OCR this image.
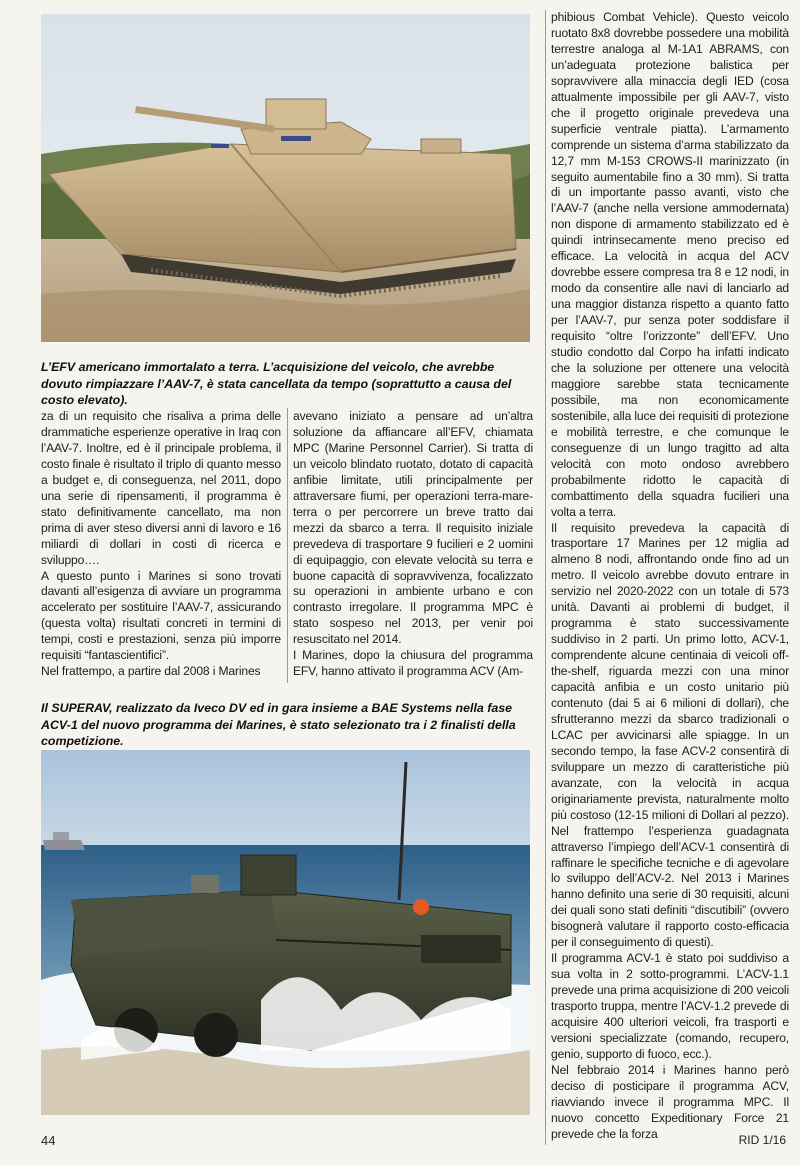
L’EFV americano immortalato a terra. L’acquisizione del veicolo, che avrebbe dovuto rimpiazzare l’AAV-7, è stata cancellata da tempo (soprattutto a causa del costo elevato).

za di un requisito che risaliva a prima delle drammatiche esperienze operative in Iraq con l’AAV-7. Inoltre, ed è il principale problema, il costo finale è risultato il triplo di quanto messo a budget e, di conseguenza, nel 2011, dopo una serie di ripensamenti, il programma è stato definitivamente cancellato, ma non prima di aver steso diversi anni di lavoro e 16 miliardi di dollari in costi di ricerca e sviluppo….

A questo punto i Marines si sono trovati davanti all’esigenza di avviare un programma accelerato per sostituire l’AAV-7, assicurando (questa volta) risultati concreti in termini di tempi, costi e prestazioni, senza più imporre requisiti “fantascientifici”.

Nel frattempo, a partire dal 2008 i Marines

avevano iniziato a pensare ad un’altra soluzione da affiancare all’EFV, chiamata MPC (Marine Personnel Carrier). Si tratta di un veicolo blindato ruotato, dotato di capacità anfibie limitate, utili principalmente per attraversare fiumi, per operazioni terra-mare-terra o per percorrere un breve tratto dai mezzi da sbarco a terra. Il requisito iniziale prevedeva di trasportare 9 fucilieri e 2 uomini di equipaggio, con elevate velocità su terra e buone capacità di sopravvivenza, focalizzato su operazioni in ambiente urbano e con contrasto irregolare. Il programma MPC è stato sospeso nel 2013, per venir poi resuscitato nel 2014.

I Marines, dopo la chiusura del programma EFV, hanno attivato il programma ACV (Am-

Il SUPERAV, realizzato da Iveco DV ed in gara insieme a BAE Systems nella fase ACV-1 del nuovo programma dei Marines, è stato selezionato tra i 2 finalisti della competizione.

phibious Combat Vehicle). Questo veicolo ruotato 8x8 dovrebbe possedere una mobilità terrestre analoga al M-1A1 ABRAMS, con un’adeguata protezione balistica per sopravvivere alla minaccia degli IED (cosa attualmente impossibile per gli AAV-7, visto che il progetto originale prevedeva una superficie ventrale piatta). L’armamento comprende un sistema d’arma stabilizzato da 12,7 mm M-153 CROWS-II marinizzato (in seguito aumentabile fino a 30 mm). Si tratta di un importante passo avanti, visto che l’AAV-7 (anche nella versione ammodernata) non dispone di armamento stabilizzato ed è quindi intrinsecamente meno preciso ed efficace. La velocità in acqua del ACV dovrebbe essere compresa tra 8 e 12 nodi, in modo da consentire alle navi di lanciarlo ad una maggior distanza rispetto a quanto fatto per l’AAV-7, pur senza poter soddisfare il requisito “oltre l’orizzonte” dell’EFV. Uno studio condotto dal Corpo ha infatti indicato che la soluzione per ottenere una velocità maggiore sarebbe stata tecnicamente possibile, ma non economicamente sostenibile, alla luce dei requisiti di protezione e mobilità terrestre, e che comunque le conseguenze di un lungo tragitto ad alta velocità con moto ondoso avrebbero probabilmente ridotto le capacità di combattimento della squadra fucilieri una volta a terra.

Il requisito prevedeva la capacità di trasportare 17 Marines per 12 miglia ad almeno 8 nodi, affrontando onde fino ad un metro. Il veicolo avrebbe dovuto entrare in servizio nel 2020-2022 con un totale di 573 unità. Davanti ai problemi di budget, il programma è stato successivamente suddiviso in 2 parti. Un primo lotto, ACV-1, comprendente alcune centinaia di veicoli off-the-shelf, riguarda mezzi con una minor capacità anfibia e un costo unitario più contenuto (dai 5 ai 6 milioni di dollari), che sfrutteranno mezzi da sbarco tradizionali o LCAC per avvicinarsi alle spiagge. In un secondo tempo, la fase ACV-2 consentirà di sviluppare un mezzo di caratteristiche più avanzate, con la velocità in acqua originariamente prevista, naturalmente molto più costoso (12-15 milioni di Dollari al pezzo). Nel frattempo l’esperienza guadagnata attraverso l’impiego dell’ACV-1 consentirà di raffinare le specifiche tecniche e di agevolare lo sviluppo dell’ACV-2. Nel 2013 i Marines hanno definito una serie di 30 requisiti, alcuni dei quali sono stati definiti “discutibili” (ovvero bisognerà valutare il rapporto costo-efficacia per il conseguimento di questi).

Il programma ACV-1 è stato poi suddiviso a sua volta in 2 sotto-programmi. L’ACV-1.1 prevede una prima acquisizione di 200 veicoli trasporto truppa, mentre l’ACV-1.2 prevede di acquisire 400 ulteriori veicoli, fra trasporti e versioni specializzate (comando, recupero, genio, supporto di fuoco, ecc.).

Nel febbraio 2014 i Marines hanno però deciso di posticipare il programma ACV, riavviando invece il programma MPC. Il nuovo concetto Expeditionary Force 21 prevede che la forza

44	RID 1/16
